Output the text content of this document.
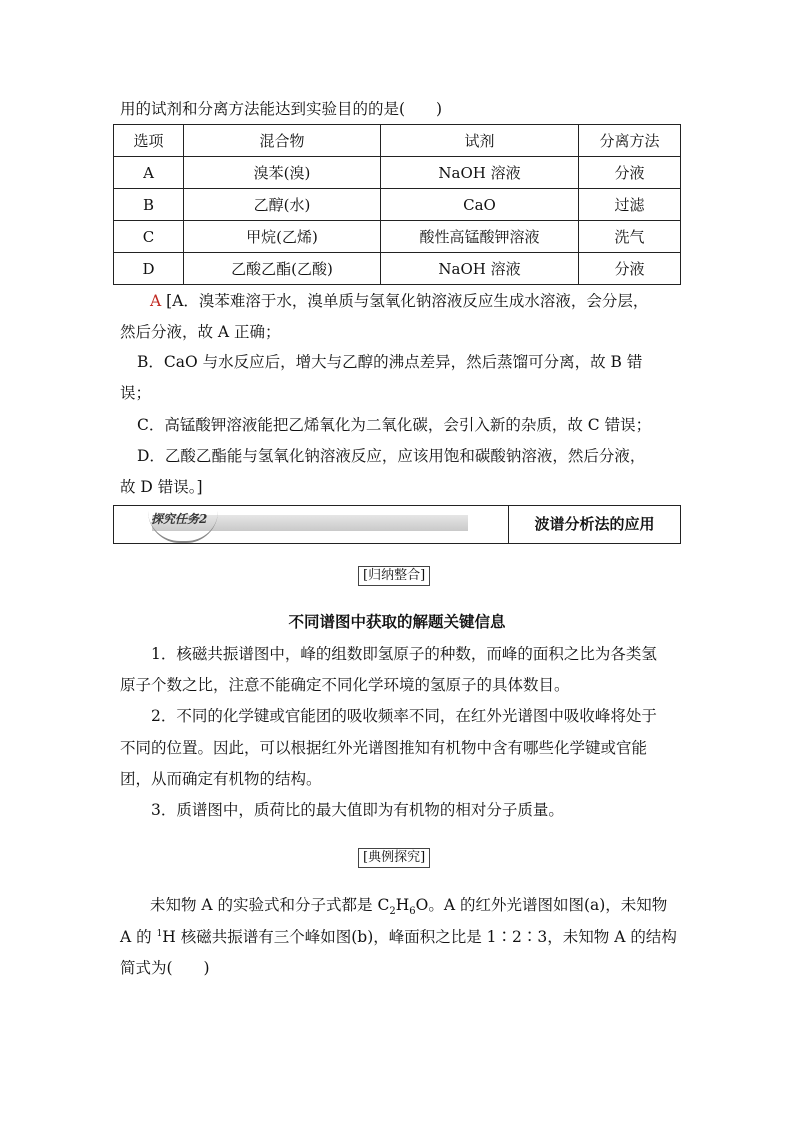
用的试剂和分离方法能达到实验目的的是(　　)
选项	混合物	试剂	分离方法
A	溴苯(溴)	NaOH 溶液	分液
B	乙醇(水)	CaO	过滤
C	甲烷(乙烯)	酸性高锰酸钾溶液	洗气
D	乙酸乙酯(乙酸)	NaOH 溶液	分液
A [A．溴苯难溶于水，溴单质与氢氧化钠溶液反应生成水溶液，会分层，
然后分液，故 A 正确；
B．CaO 与水反应后，增大与乙醇的沸点差异，然后蒸馏可分离，故 B 错
误；
C．高锰酸钾溶液能把乙烯氧化为二氧化碳，会引入新的杂质，故 C 错误；
D．乙酸乙酯能与氢氧化钠溶液反应，应该用饱和碳酸钠溶液，然后分液，
故 D 错误。]
探究任务2	波谱分析法的应用
[归纳整合]
不同谱图中获取的解题关键信息
1．核磁共振谱图中，峰的组数即氢原子的种数，而峰的面积之比为各类氢
原子个数之比，注意不能确定不同化学环境的氢原子的具体数目。
2．不同的化学键或官能团的吸收频率不同，在红外光谱图中吸收峰将处于
不同的位置。因此，可以根据红外光谱图推知有机物中含有哪些化学键或官能
团，从而确定有机物的结构。
3．质谱图中，质荷比的最大值即为有机物的相对分子质量。
[典例探究]
未知物 A 的实验式和分子式都是 $C_2H_6O$。A 的红外光谱图如图(a)，未知物
A 的 $^1$H 核磁共振谱有三个峰如图(b)，峰面积之比是 1∶2∶3，未知物 A 的结构
简式为(　　)
